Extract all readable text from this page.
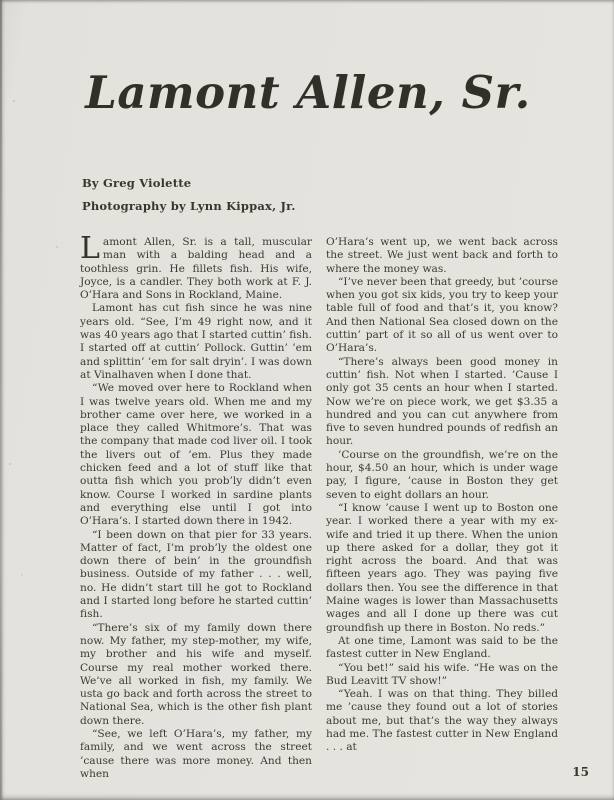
Lamont Allen, Sr.

By Greg Violette

Photography by Lynn Kippax, Jr.

Lamont Allen, Sr. is a tall, muscular man with a balding head and a toothless grin. He fillets fish. His wife, Joyce, is a candler. They both work at F. J. O’Hara and Sons in Rockland, Maine.

Lamont has cut fish since he was nine years old. “See, I’m 49 right now, and it was 40 years ago that I started cuttin’ fish. I started off at cuttin’ Pollock. Guttin’ ’em and splittin’ ’em for salt dryin’. I was down at Vinalhaven when I done that.

“We moved over here to Rockland when I was twelve years old. When me and my brother came over here, we worked in a place they called Whitmore’s. That was the company that made cod liver oil. I took the livers out of ’em. Plus they made chicken feed and a lot of stuff like that outta fish which you prob’ly didn’t even know. Course I worked in sardine plants and everything else until I got into O’Hara’s. I started down there in 1942.

“I been down on that pier for 33 years. Matter of fact, I’m prob’ly the oldest one down there of bein’ in the groundfish business. Outside of my father . . . well, no. He didn’t start till he got to Rockland and I started long before he started cuttin’ fish.

“There’s six of my family down there now. My father, my step-mother, my wife, my brother and his wife and myself. Course my real mother worked there. We’ve all worked in fish, my family. We usta go back and forth across the street to National Sea, which is the other fish plant down there.

“See, we left O’Hara’s, my father, my family, and we went across the street ’cause there was more money. And then when

O’Hara’s went up, we went back across the street. We just went back and forth to where the money was.

“I’ve never been that greedy, but ’course when you got six kids, you try to keep your table full of food and that’s it, you know? And then National Sea closed down on the cuttin’ part of it so all of us went over to O’Hara’s.

“There’s always been good money in cuttin’ fish. Not when I started. ’Cause I only got 35 cents an hour when I started. Now we’re on piece work, we get $3.35 a hundred and you can cut anywhere from five to seven hundred pounds of redfish an hour.

’Course on the groundfish, we’re on the hour, $4.50 an hour, which is under wage pay, I figure, ’cause in Boston they get seven to eight dollars an hour.

“I know ’cause I went up to Boston one year. I worked there a year with my ex-wife and tried it up there. When the union up there asked for a dollar, they got it right across the board. And that was fifteen years ago. They was paying five dollars then. You see the difference in that Maine wages is lower than Massachusetts wages and all I done up there was cut groundfish up there in Boston. No reds.”

At one time, Lamont was said to be the fastest cutter in New England.

“You bet!” said his wife. “He was on the Bud Leavitt TV show!”

“Yeah. I was on that thing. They billed me ’cause they found out a lot of stories about me, but that’s the way they always had me. The fastest cutter in New England . . . at

15
